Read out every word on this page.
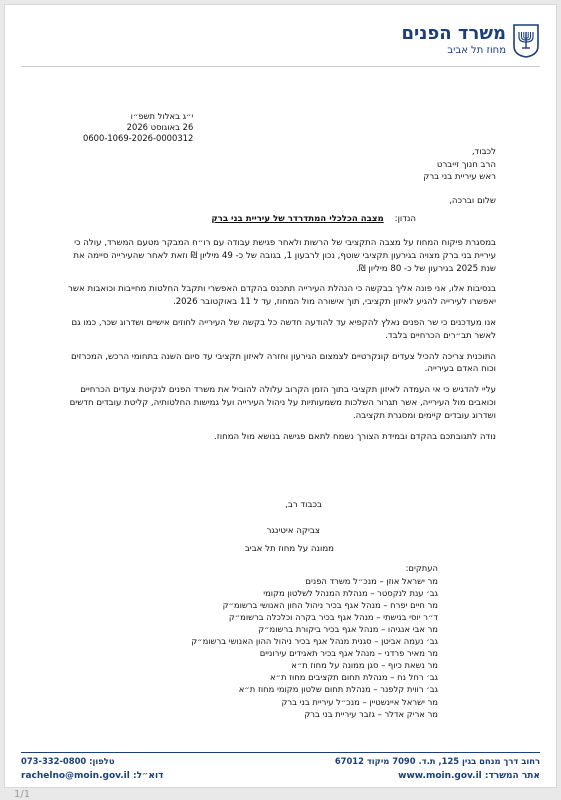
משרד הפנים
מחוז תל אביב
י״ג באלול תשפ״ו
26 באוגוסט 2026
0600-1069-2026-0000312
לכבוד,
הרב חנוך זייברט
ראש עיריית בני ברק
שלום וברכה,
הנדון:    מצבה הכלכלי המתדרדר של עיריית בני ברק

במסגרת פיקוח המחוז על מצבה התקציבי של הרשות ולאחר פגישת עבודה עם רו״ח המבקר מטעם המשרד, עולה כי עיריית בני ברק מצויה בגירעון תקציבי שוטף, נכון לרבעון 1, בגובה של כ- 49 מיליון ₪ וזאת לאחר שהעירייה סיימה את שנת 2025 בגירעון של כ- 80 מיליון ₪.

בנסיבות אלו, אני פונה אליך בבקשה כי הנהלת העירייה תתכנס בהקדם האפשרי ותקבל החלטות מחייבות וכואבות אשר יאפשרו לעירייה להגיע לאיזון תקציבי, תוך אישורה מול המחוז, עד ל 11 באוקטובר 2026.

אנו מעדכנים כי שר הפנים נאלץ להקפיא עד להודעה חדשה כל בקשה של העירייה לחוזים אישיים ושדרוג שכר, כמו גם לאשר תב״רים הכרחיים בלבד.

התוכנית צריכה להכיל צעדים קונקרטיים לצמצום הגירעון וחזרה לאיזון תקציבי עד סיום השנה בתחומי הרכש, המכרזים וכוח האדם בעירייה.

עליי להדגיש כי אי העמדה לאיזון תקציבי בתוך הזמן הקרוב עלולה להוביל את משרד הפנים לנקיטת צעדים הכרחיים וכואבים מול העירייה, אשר תגרור השלכות משמעותיות על ניהול העירייה ועל גמישות החלטותיה, קליטת עובדים חדשים ושדרוג עובדים קיימים ומסגרת תקציבה.

נודה לתגובתכם בהקדם ובמידת הצורך נשמח לתאם פגישה בנושא מול המחוז.

בכבוד רב,
צביקה איטינגר
ממונה על מחוז תל אביב
העתקים:
מר ישראל אוזן – מנכ״ל משרד הפנים
גב׳ ענת לנקסטר – מנהלת המנהל לשלטון מקומי
מר חיים יפרח – מנהל אגף בכיר ניהול החון האנושי ברשומ״ק
ד״ר יוסי בנישתי – מנהל אגף בכיר בקרה וכלכלה ברשומ״ק
מר אבי אנגיהו – מנהל אגף בכיר ביקורת ברשומ״ק
גב׳ נעמה אביטן – סגנית מנהל אגף בכיר ניהול ההון האנושי ברשומ״ק
מר מאיר פרדני – מנהל אגף בכיר תאגידים עירוניים
מר נשאת כיוף – סגן ממונה על מחוז ת״א
גב׳ רחל נח – מנהלת תחום תקציבים מחוז ת״א
גב׳ רווית קלפנר – מנהלת תחום שלטון מקומי מחוז ת״א
מר ישראל איינשטיין – מנכ״ל עיריית בני ברק
מר אריק אדלר – גזבר עיריית בני ברק
רחוב דרך מנחם בגין 125, ת.ד. 7090 מיקוד 67012
טלפון: 073-332-0800
אתר המשרד: www.moin.gov.il
דוא״ל: rachelno@moin.gov.il
1/1
